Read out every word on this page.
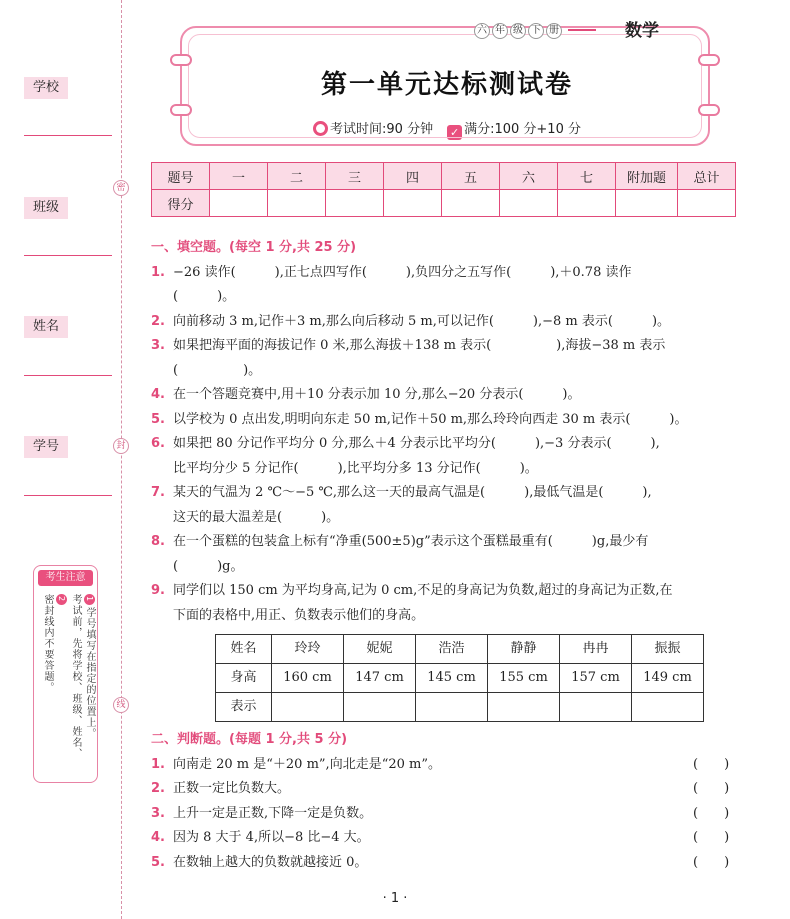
学校
班级
姓名
学号
考生注意
1学号填写在指定的位置上。
考试前，先将学校、班级、姓名、
2
密封线内不要答题。
密
封
线
第一单元达标测试卷
考试时间:90 分钟 ✓ 满分:100 分+10 分
六 年 级 下 册	数学
题号	一	二	三	四	五	六	七	附加题	总计
得分									
一、填空题。(每空 1 分,共 25 分)
1. −26 读作(　　　),正七点四写作(　　　),负四分之五写作(　　　),＋0.78 读作
(　　　)。
2. 向前移动 3 m,记作＋3 m,那么向后移动 5 m,可以记作(　　　),−8 m 表示(　　　)。
3. 如果把海平面的海拔记作 0 米,那么海拔＋138 m 表示(　　　　　),海拔−38 m 表示
(　　　　　)。
4. 在一个答题竞赛中,用＋10 分表示加 10 分,那么−20 分表示(　　　)。
5. 以学校为 0 点出发,明明向东走 50 m,记作＋50 m,那么玲玲向西走 30 m 表示(　　　)。
6. 如果把 80 分记作平均分 0 分,那么＋4 分表示比平均分(　　　),−3 分表示(　　　),
比平均分少 5 分记作(　　　),比平均分多 13 分记作(　　　)。
7. 某天的气温为 2 ℃～−5 ℃,那么这一天的最高气温是(　　　),最低气温是(　　　),
这天的最大温差是(　　　)。
8. 在一个蛋糕的包装盒上标有“净重(500±5)g”表示这个蛋糕最重有(　　　)g,最少有
(　　　)g。
9. 同学们以 150 cm 为平均身高,记为 0 cm,不足的身高记为负数,超过的身高记为正数,在
下面的表格中,用正、负数表示他们的身高。
姓名	玲玲	妮妮	浩浩	静静	冉冉	振振
身高	160 cm	147 cm	145 cm	155 cm	157 cm	149 cm
表示						
二、判断题。(每题 1 分,共 5 分)
1. 向南走 20 m 是“＋20 m”,向北走是“20 m”。	(　　)
2. 正数一定比负数大。	(　　)
3. 上升一定是正数,下降一定是负数。	(　　)
4. 因为 8 大于 4,所以−8 比−4 大。	(　　)
5. 在数轴上越大的负数就越接近 0。	(　　)
· 1 ·
